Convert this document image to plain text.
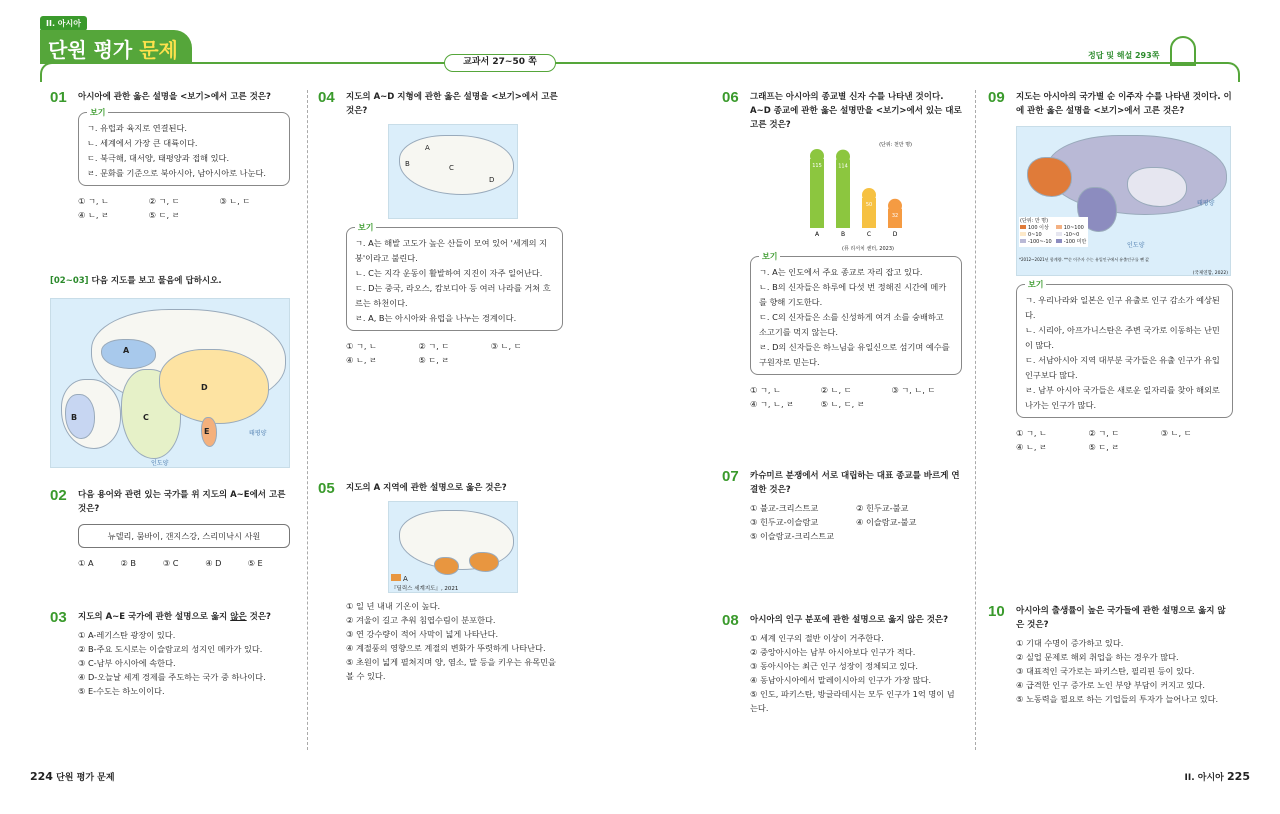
II. 아시아
단원 평가 문제	교과서 27~50 쪽
정답 및 해설 293쪽
01	아시아에 관한 옳은 설명을 <보기>에서 고른 것은?
보기
ㄱ. 유럽과 육지로 연결된다.
ㄴ. 세계에서 가장 큰 대륙이다.
ㄷ. 북극해, 대서양, 태평양과 접해 있다.
ㄹ. 문화를 기준으로 북아시아, 남아시아로 나눈다.
① ㄱ, ㄴ	② ㄱ, ㄷ	③ ㄴ, ㄷ
④ ㄴ, ㄹ	⑤ ㄷ, ㄹ
[02~03] 다음 지도를 보고 물음에 답하시오.
A
B	C
D
E	태평양
인도양
02	다음 용어와 관련 있는 국가를 위 지도의 A~E에서 고른 것은?
뉴델리, 뭄바이, 갠지스강, 스리미낙시 사원
① A	② B	③ C	④ D	⑤ E
03	지도의 A~E 국가에 관한 설명으로 옳지 않은 것은?
① A-레기스탄 광장이 있다.
② B-주요 도시로는 이슬람교의 성지인 메카가 있다.
③ C-남부 아시아에 속한다.
④ D-오늘날 세계 경제를 주도하는 국가 중 하나이다.
⑤ E-수도는 하노이이다.
04	지도의 A~D 지형에 관한 옳은 설명을 <보기>에서 고른 것은?
A
B	C
D
보기
ㄱ. A는 해발 고도가 높은 산들이 모여 있어 '세계의 지붕'이라고 불린다.
ㄴ. C는 지각 운동이 활발하여 지진이 자주 일어난다.
ㄷ. D는 중국, 라오스, 캄보디아 등 여러 나라를 거쳐 흐르는 하천이다.
ㄹ. A, B는 아시아와 유럽을 나누는 경계이다.
① ㄱ, ㄴ	② ㄱ, ㄷ	③ ㄴ, ㄷ
④ ㄴ, ㄹ	⑤ ㄷ, ㄹ
05	지도의 A 지역에 관한 설명으로 옳은 것은?
A
『딜릭스 세계지도』, 2021
① 일 년 내내 기온이 높다.
② 겨울이 길고 추워 침엽수림이 분포한다.
③ 연 강수량이 적어 사막이 넓게 나타난다.
④ 계절풍의 영향으로 계절의 변화가 뚜렷하게 나타난다.
⑤ 초원이 넓게 펼쳐지며 양, 염소, 말 등을 키우는 유목민을 볼 수 있다.
06	그래프는 아시아의 종교별 신자 수를 나타낸 것이다. A~D 종교에 관한 옳은 설명만을 <보기>에서 있는 대로 고른 것은?
(단위: 천만 명)
115
A
114
B
50
C
32
D
(퓨 리서치 센터, 2023)
보기
ㄱ. A는 인도에서 주요 종교로 자리 잡고 있다.
ㄴ. B의 신자들은 하루에 다섯 번 정해진 시간에 메카를 향해 기도한다.
ㄷ. C의 신자들은 소를 신성하게 여겨 소를 숭배하고 소고기를 먹지 않는다.
ㄹ. D의 신자들은 하느님을 유일신으로 섬기며 예수를 구원자로 믿는다.
① ㄱ, ㄴ	② ㄴ, ㄷ	③ ㄱ, ㄴ, ㄷ
④ ㄱ, ㄴ, ㄹ	⑤ ㄴ, ㄷ, ㄹ
07	카슈미르 분쟁에서 서로 대립하는 대표 종교를 바르게 연결한 것은?
① 불교-크리스트교	② 힌두교-불교
③ 힌두교-이슬람교	④ 이슬람교-불교
⑤ 이슬람교-크리스트교
08	아시아의 인구 분포에 관한 설명으로 옳지 않은 것은?
① 세계 인구의 절반 이상이 거주한다.
② 중앙아시아는 남부 아시아보다 인구가 적다.
③ 동아시아는 최근 인구 성장이 정체되고 있다.
④ 동남아시아에서 말레이시아의 인구가 가장 많다.
⑤ 인도, 파키스탄, 방글라데시는 모두 인구가 1억 명이 넘는다.
09	지도는 아시아의 국가별 순 이주자 수를 나타낸 것이다. 이에 관한 옳은 설명을 <보기>에서 고른 것은?
태평양
인도양
(단위: 만 명)
100 이상	10~100
0~10	-10~0
-100~-10	-100 미만
*2012~2021년 합계량. **순 이주자 수는 유입인구에서 유출인구를 뺀 값
(국제연합, 2022)
보기
ㄱ. 우리나라와 일본은 인구 유출로 인구 감소가 예상된다.
ㄴ. 시리아, 아프가니스탄은 주변 국가로 이동하는 난민이 많다.
ㄷ. 서남아시아 지역 대부분 국가들은 유출 인구가 유입 인구보다 많다.
ㄹ. 남부 아시아 국가들은 새로운 일자리를 찾아 해외로 나가는 인구가 많다.
① ㄱ, ㄴ	② ㄱ, ㄷ	③ ㄴ, ㄷ
④ ㄴ, ㄹ	⑤ ㄷ, ㄹ
10	아시아의 출생률이 높은 국가들에 관한 설명으로 옳지 않은 것은?
① 기대 수명이 증가하고 있다.
② 실업 문제로 해외 취업을 하는 경우가 많다.
③ 대표적인 국가로는 파키스탄, 필리핀 등이 있다.
④ 급격한 인구 증가로 노인 부양 부담이 커지고 있다.
⑤ 노동력을 필요로 하는 기업들의 투자가 늘어나고 있다.
224 단원 평가 문제	II. 아시아 225
